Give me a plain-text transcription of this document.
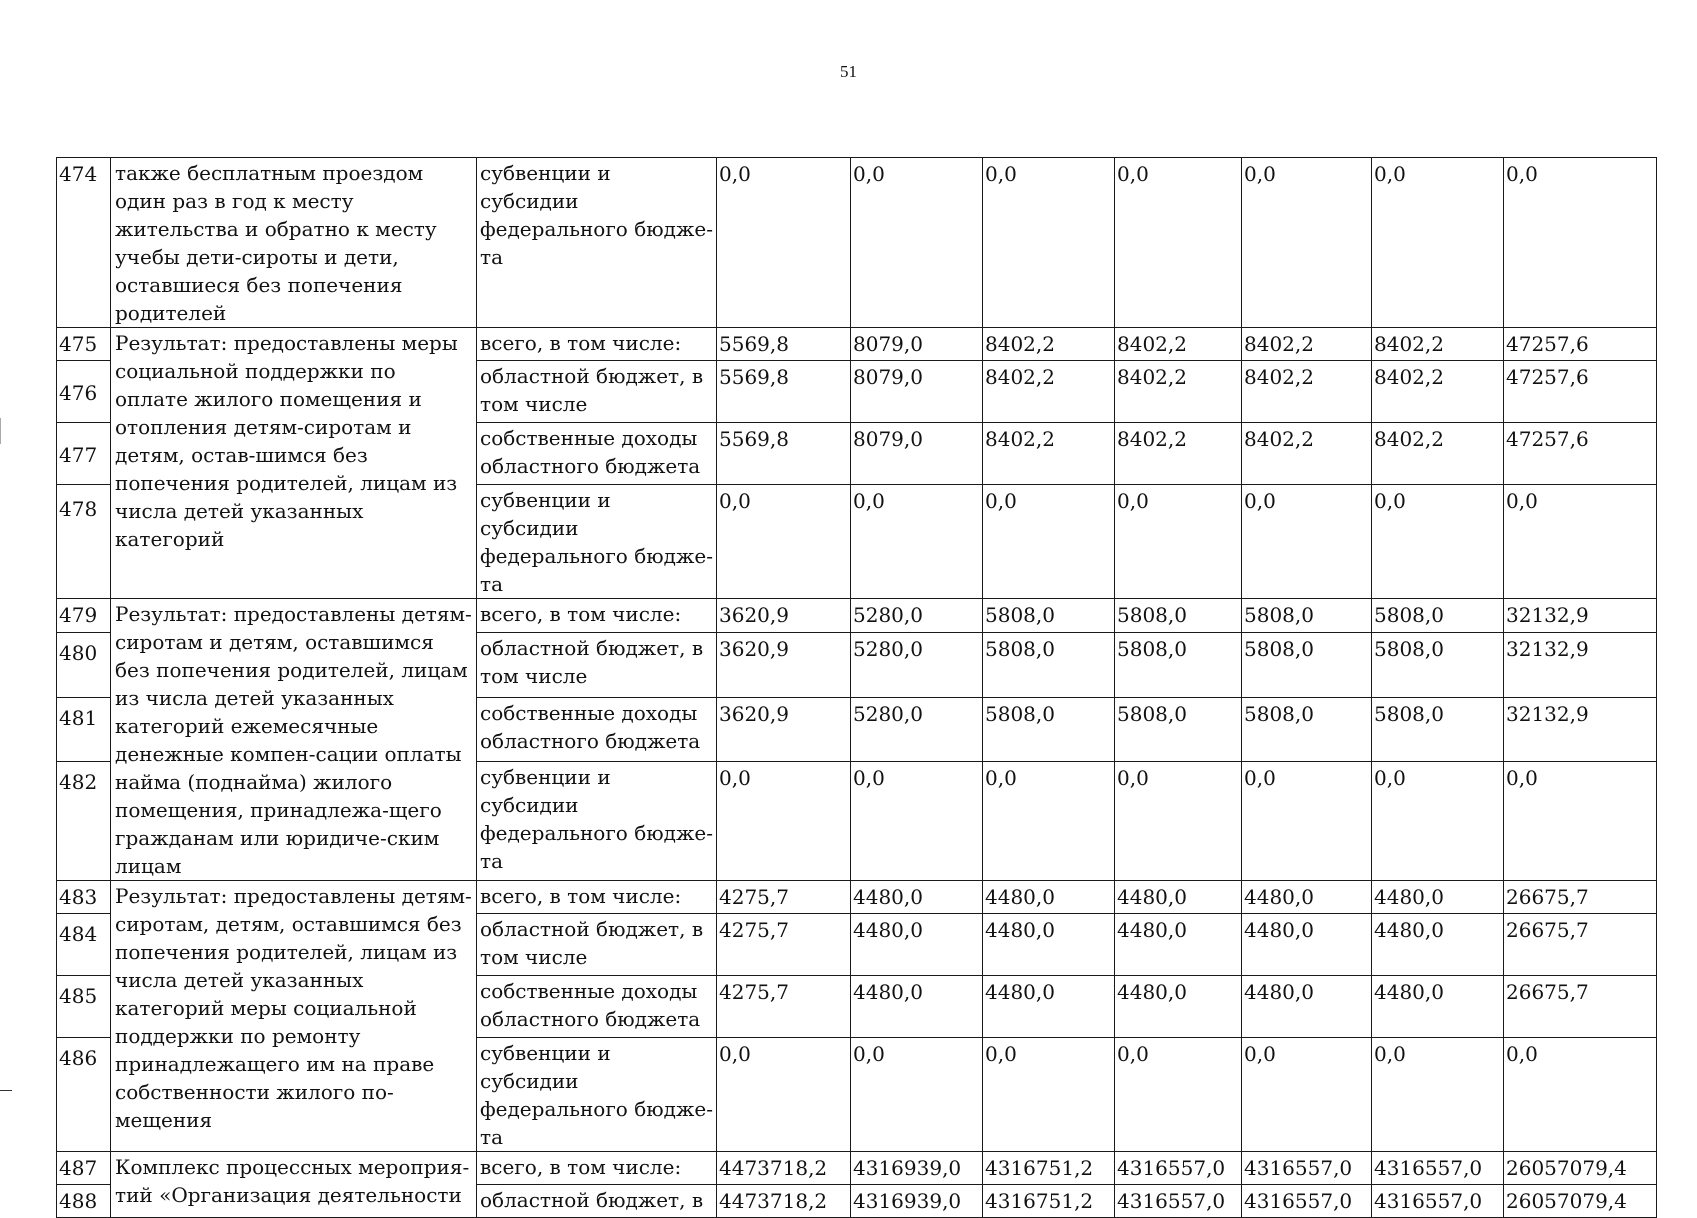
51
474	также бесплатным проездом один раз в год к месту жительства и обратно к месту учебы дети-сироты и дети, оставшиеся без попечения родителей	субвенции и субсидии федерального бюдже-та	0,0	0,0	0,0	0,0	0,0	0,0	0,0
475	Результат: предоставлены меры социальной поддержки по оплате жилого помещения и отопления детям-сиротам и детям, остав-шимся без попечения родителей, лицам из числа детей указанных категорий	всего, в том числе:	5569,8	8079,0	8402,2	8402,2	8402,2	8402,2	47257,6
476		областной бюджет, в том числе	5569,8	8079,0	8402,2	8402,2	8402,2	8402,2	47257,6
477		собственные доходы областного бюджета	5569,8	8079,0	8402,2	8402,2	8402,2	8402,2	47257,6
478		субвенции и субсидии федерального бюдже-та	0,0	0,0	0,0	0,0	0,0	0,0	0,0
479	Результат: предоставлены детям-сиротам и детям, оставшимся без попечения родителей, лицам из числа детей указанных категорий ежемесячные денежные компен-сации оплаты найма (поднайма) жилого помещения, принадлежа-щего гражданам или юридиче-ским лицам	всего, в том числе:	3620,9	5280,0	5808,0	5808,0	5808,0	5808,0	32132,9
480		областной бюджет, в том числе	3620,9	5280,0	5808,0	5808,0	5808,0	5808,0	32132,9
481		собственные доходы областного бюджета	3620,9	5280,0	5808,0	5808,0	5808,0	5808,0	32132,9
482		субвенции и субсидии федерального бюдже-та	0,0	0,0	0,0	0,0	0,0	0,0	0,0
483	Результат: предоставлены детям-сиротам, детям, оставшимся без попечения родителей, лицам из числа детей указанных категорий меры социальной поддержки по ремонту принадлежащего им на праве собственности жилого по-мещения	всего, в том числе:	4275,7	4480,0	4480,0	4480,0	4480,0	4480,0	26675,7
484		областной бюджет, в том числе	4275,7	4480,0	4480,0	4480,0	4480,0	4480,0	26675,7
485		собственные доходы областного бюджета	4275,7	4480,0	4480,0	4480,0	4480,0	4480,0	26675,7
486		субвенции и субсидии федерального бюдже-та	0,0	0,0	0,0	0,0	0,0	0,0	0,0
487	Комплекс процессных мероприя-тий «Организация деятельности	всего, в том числе:	4473718,2	4316939,0	4316751,2	4316557,0	4316557,0	4316557,0	26057079,4
488		областной бюджет, в	4473718,2	4316939,0	4316751,2	4316557,0	4316557,0	4316557,0	26057079,4
